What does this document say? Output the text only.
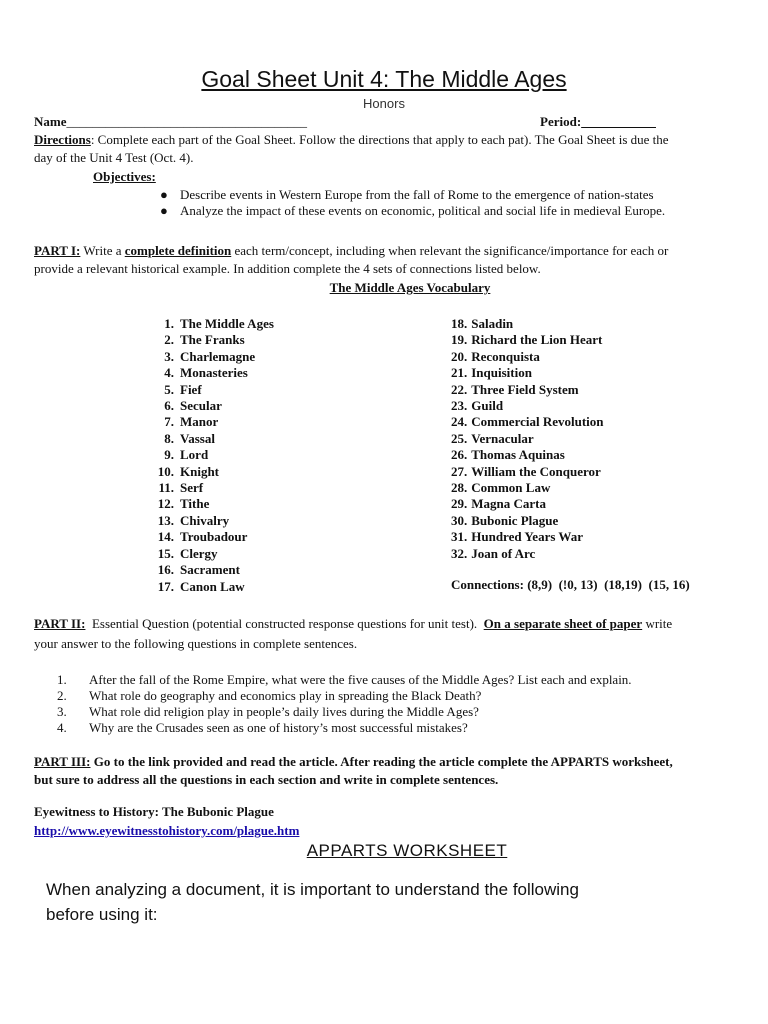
Goal Sheet Unit 4: The Middle Ages
Honors
Name_____________________________________	Period: ___________
Directions: Complete each part of the Goal Sheet. Follow the directions that apply to each pat). The Goal Sheet is due the
day of the Unit 4 Test (Oct. 4).
Objectives:
● Describe events in Western Europe from the fall of Rome to the emergence of nation-states
● Analyze the impact of these events on economic, political and social life in medieval Europe.
PART I: Write a complete definition each term/concept, including when relevant the significance/importance for each or
provide a relevant historical example. In addition complete the 4 sets of connections listed below.
The Middle Ages Vocabulary
1. The Middle Ages
2. The Franks
3. Charlemagne
4. Monasteries
5. Fief
6. Secular
7. Manor
8. Vassal
9. Lord
10. Knight
11. Serf
12. Tithe
13. Chivalry
14. Troubadour
15. Clergy
16. Sacrament
17. Canon Law
18. Saladin
19. Richard the Lion Heart
20. Reconquista
21. Inquisition
22. Three Field System
23. Guild
24. Commercial Revolution
25. Vernacular
26. Thomas Aquinas
27. William the Conqueror
28. Common Law
29. Magna Carta
30. Bubonic Plague
31. Hundred Years War
32. Joan of Arc
Connections: (8,9)  (!0, 13)  (18,19)  (15, 16)
PART II:  Essential Question (potential constructed response questions for unit test).  On a separate sheet of paper write
your answer to the following questions in complete sentences.
1. After the fall of the Rome Empire, what were the five causes of the Middle Ages? List each and explain.
2. What role do geography and economics play in spreading the Black Death?
3. What role did religion play in people’s daily lives during the Middle Ages?
4. Why are the Crusades seen as one of history’s most successful mistakes?
PART III: Go to the link provided and read the article. After reading the article complete the APPARTS worksheet,
but sure to address all the questions in each section and write in complete sentences.
Eyewitness to History: The Bubonic Plague
http://www.eyewitnesstohistory.com/plague.htm
APPARTS WORKSHEET
When analyzing a document, it is important to understand the following
before using it:
